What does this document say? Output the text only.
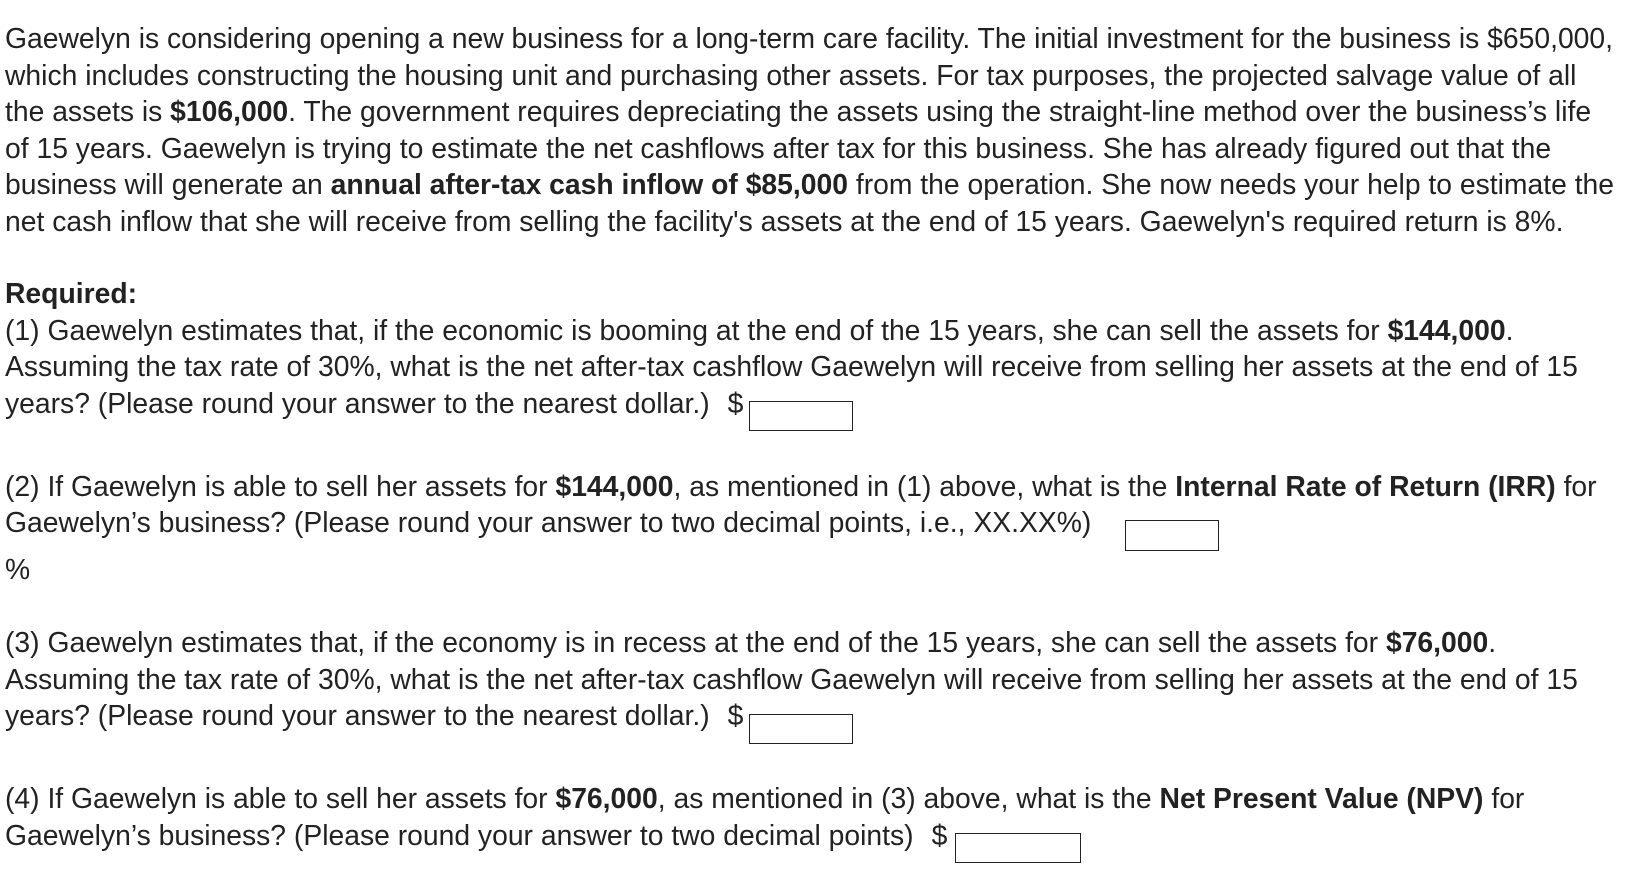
Gaewelyn is considering opening a new business for a long-term care facility. The initial investment for the business is $650,000, which includes constructing the housing unit and purchasing other assets. For tax purposes, the projected salvage value of all the assets is $106,000. The government requires depreciating the assets using the straight-line method over the business’s life of 15 years. Gaewelyn is trying to estimate the net cashflows after tax for this business. She has already figured out that the business will generate an annual after-tax cash inflow of $85,000 from the operation. She now needs your help to estimate the net cash inflow that she will receive from selling the facility's assets at the end of 15 years. Gaewelyn's required return is 8%.

Required:

(1) Gaewelyn estimates that, if the economic is booming at the end of the 15 years, she can sell the assets for $144,000. Assuming the tax rate of 30%, what is the net after-tax cashflow Gaewelyn will receive from selling her assets at the end of 15 years? (Please round your answer to the nearest dollar.) $

(2) If Gaewelyn is able to sell her assets for $144,000, as mentioned in (1) above, what is the Internal Rate of Return (IRR) for Gaewelyn’s business? (Please round your answer to two decimal points, i.e., XX.XX%)
%

(3) Gaewelyn estimates that, if the economy is in recess at the end of the 15 years, she can sell the assets for $76,000. Assuming the tax rate of 30%, what is the net after-tax cashflow Gaewelyn will receive from selling her assets at the end of 15 years? (Please round your answer to the nearest dollar.) $

(4) If Gaewelyn is able to sell her assets for $76,000, as mentioned in (3) above, what is the Net Present Value (NPV) for Gaewelyn’s business? (Please round your answer to two decimal points) $
